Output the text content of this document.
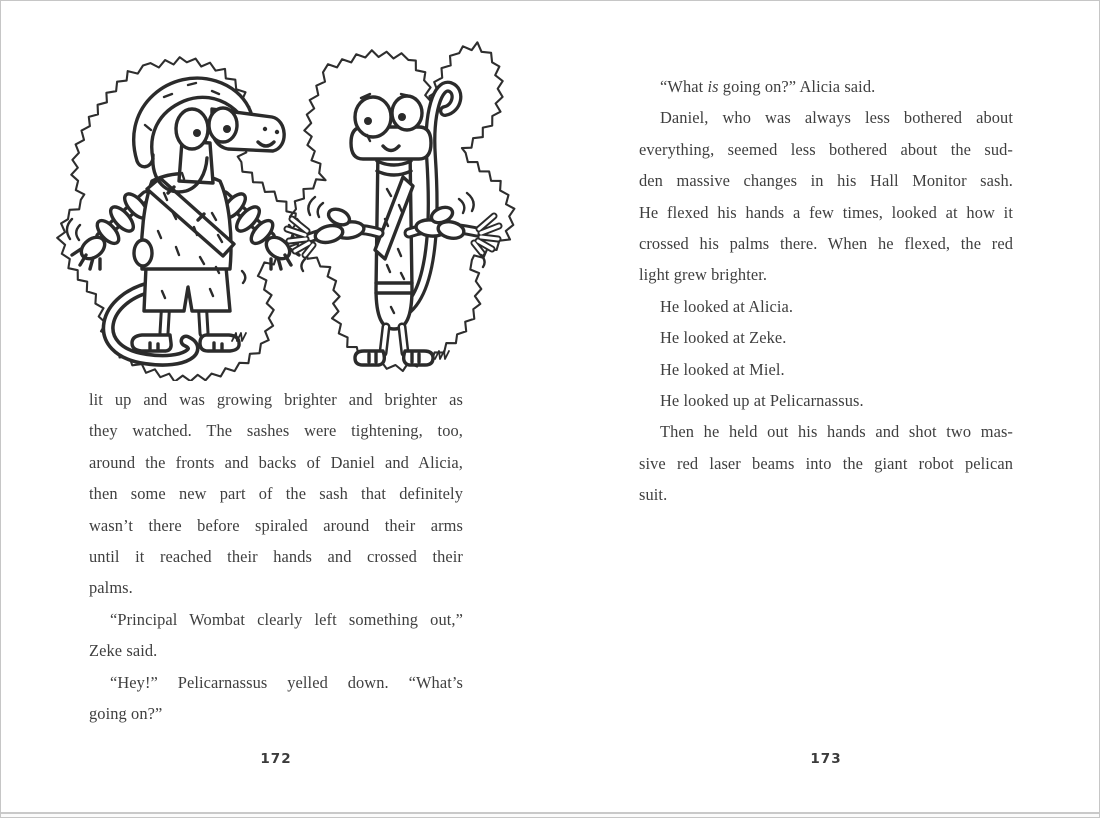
lit up and was growing brighter and brighter as
they watched. The sashes were tightening, too,
around the fronts and backs of Daniel and Alicia,
then some new part of the sash that definitely
wasn’t there before spiraled around their arms
until it reached their hands and crossed their
palms.
“Principal Wombat clearly left something out,”
Zeke said.
“Hey!” Pelicarnassus yelled down. “What’s
going on?”
“What is going on?” Alicia said.
Daniel, who was always less bothered about
everything, seemed less bothered about the sud-
den massive changes in his Hall Monitor sash.
He flexed his hands a few times, looked at how it
crossed his palms there. When he flexed, the red
light grew brighter.
He looked at Alicia.
He looked at Zeke.
He looked at Miel.
He looked up at Pelicarnassus.
Then he held out his hands and shot two mas-
sive red laser beams into the giant robot pelican
suit.
172	173
